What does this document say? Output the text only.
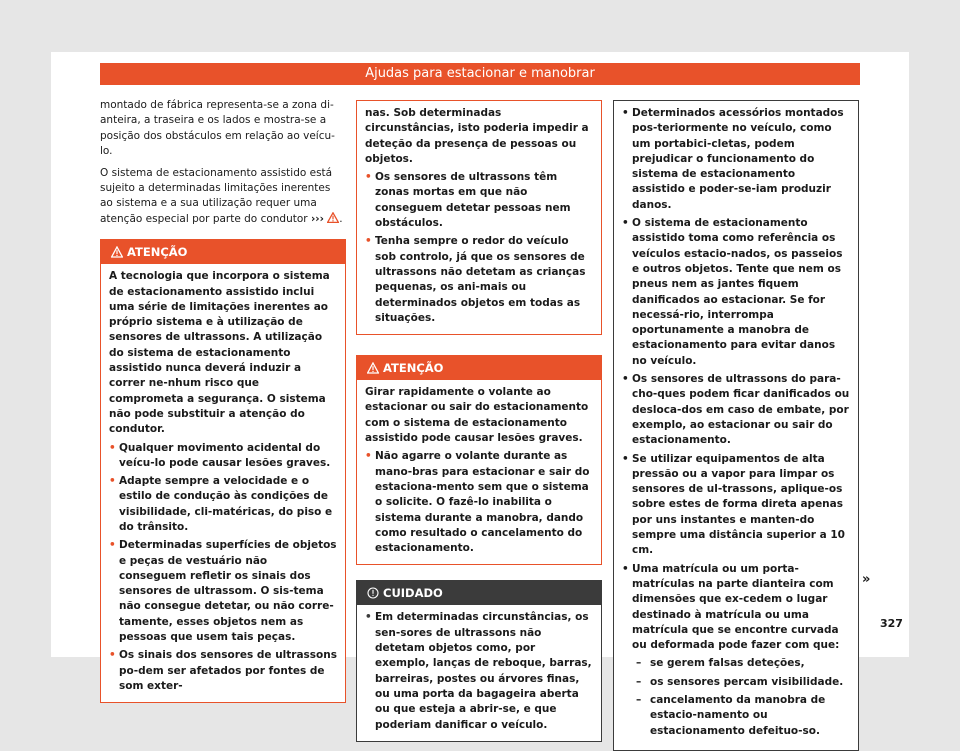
Ajudas para estacionar e manobrar

montado de fábrica representa-se a zona di-anteira, a traseira e os lados e mostra-se a posição dos obstáculos em relação ao veícu-lo.

O sistema de estacionamento assistido está sujeito a determinadas limitações inerentes ao sistema e a sua utilização requer uma atenção especial por parte do condutor ››› .

ATENÇÃO

A tecnologia que incorpora o sistema de estacionamento assistido inclui uma série de limitações inerentes ao próprio sistema e à utilização de sensores de ultrassons. A utilização do sistema de estacionamento assistido nunca deverá induzir a correr ne-nhum risco que comprometa a segurança. O sistema não pode substituir a atenção do condutor.

• Qualquer movimento acidental do veícu-lo pode causar lesões graves.

• Adapte sempre a velocidade e o estilo de condução às condições de visibilidade, cli-matéricas, do piso e do trânsito.

• Determinadas superfícies de objetos e peças de vestuário não conseguem refletir os sinais dos sensores de ultrassom. O sis-tema não consegue detetar, ou não corre-tamente, esses objetos nem as pessoas que usem tais peças.

• Os sinais dos sensores de ultrassons po-dem ser afetados por fontes de som exter-

nas. Sob determinadas circunstâncias, isto poderia impedir a deteção da presença de pessoas ou objetos.

• Os sensores de ultrassons têm zonas mortas em que não conseguem detetar pessoas nem obstáculos.

• Tenha sempre o redor do veículo sob controlo, já que os sensores de ultrassons não detetam as crianças pequenas, os ani-mais ou determinados objetos em todas as situações.

ATENÇÃO

Girar rapidamente o volante ao estacionar ou sair do estacionamento com o sistema de estacionamento assistido pode causar lesões graves.

• Não agarre o volante durante as mano-bras para estacionar e sair do estaciona-mento sem que o sistema o solicite. O fazê-lo inabilita o sistema durante a manobra, dando como resultado o cancelamento do estacionamento.

CUIDADO

• Em determinadas circunstâncias, os sen-sores de ultrassons não detetam objetos como, por exemplo, lanças de reboque, barras, barreiras, postes ou árvores finas, ou uma porta da bagageira aberta ou que esteja a abrir-se, e que poderiam danificar o veículo.

• Determinados acessórios montados pos-teriormente no veículo, como um portabici-cletas, podem prejudicar o funcionamento do sistema de estacionamento assistido e poder-se-iam produzir danos.

• O sistema de estacionamento assistido toma como referência os veículos estacio-nados, os passeios e outros objetos. Tente que nem os pneus nem as jantes fiquem danificados ao estacionar. Se for necessá-rio, interrompa oportunamente a manobra de estacionamento para evitar danos no veículo.

• Os sensores de ultrassons do para-cho-ques podem ficar danificados ou desloca-dos em caso de embate, por exemplo, ao estacionar ou sair do estacionamento.

• Se utilizar equipamentos de alta pressão ou a vapor para limpar os sensores de ul-trassons, aplique-os sobre estes de forma direta apenas por uns instantes e manten-do sempre uma distância superior a 10 cm.

• Uma matrícula ou um porta-matrículas na parte dianteira com dimensões que ex-cedem o lugar destinado à matrícula ou uma matrícula que se encontre curvada ou deformada pode fazer com que:

– se gerem falsas deteções,

– os sensores percam visibilidade.

– cancelamento da manobra de estacio-namento ou estacionamento defeituo-so.

»
327
